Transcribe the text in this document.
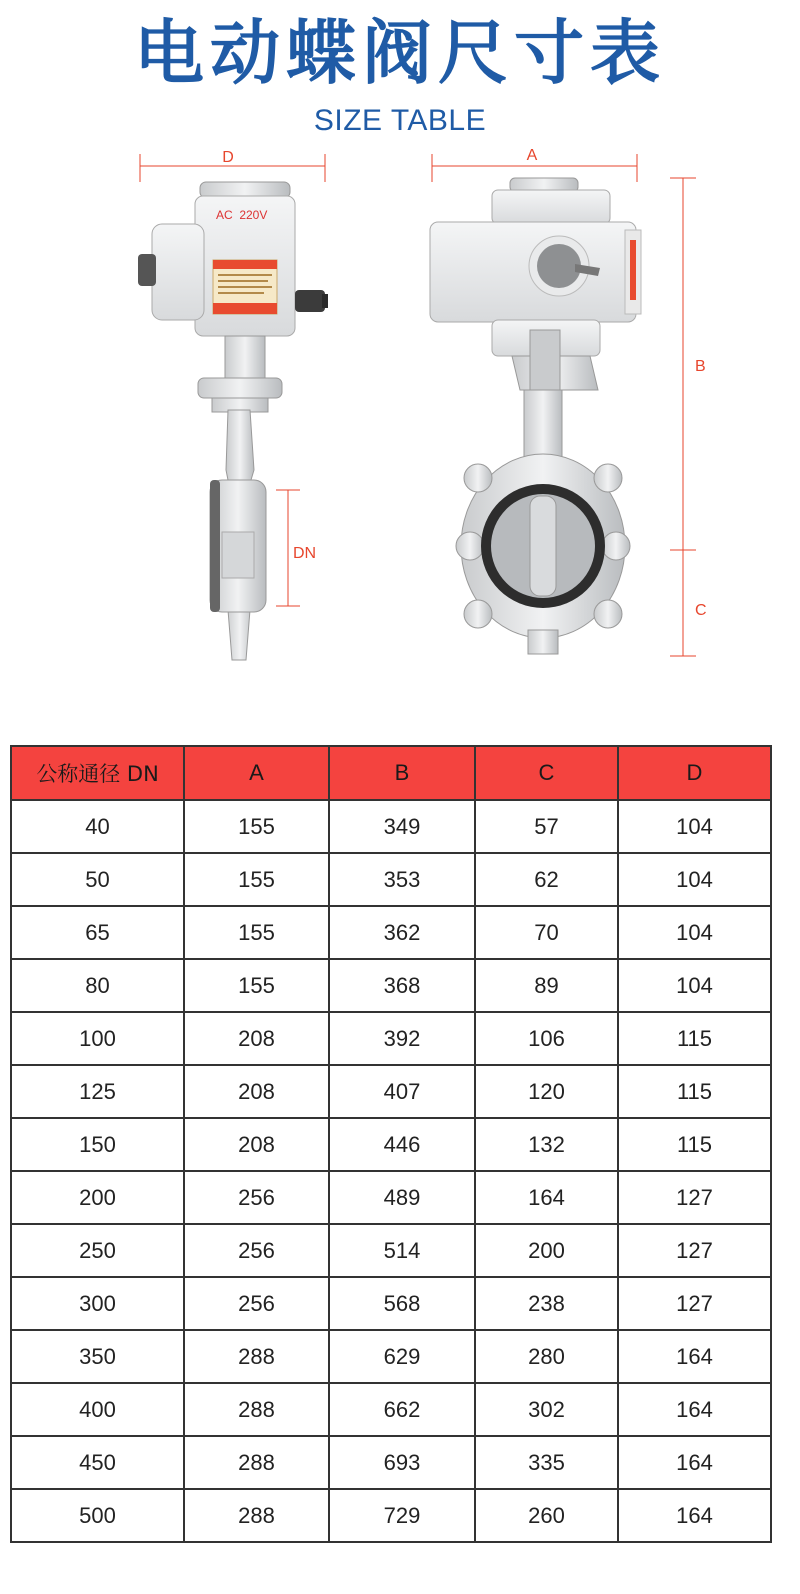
电动蝶阀尺寸表
SIZE TABLE
AC  220V
D
DN
A
B
C
公称通径 DN	A	B	C	D
40	155	349	57	104
50	155	353	62	104
65	155	362	70	104
80	155	368	89	104
100	208	392	106	115
125	208	407	120	115
150	208	446	132	115
200	256	489	164	127
250	256	514	200	127
300	256	568	238	127
350	288	629	280	164
400	288	662	302	164
450	288	693	335	164
500	288	729	260	164
